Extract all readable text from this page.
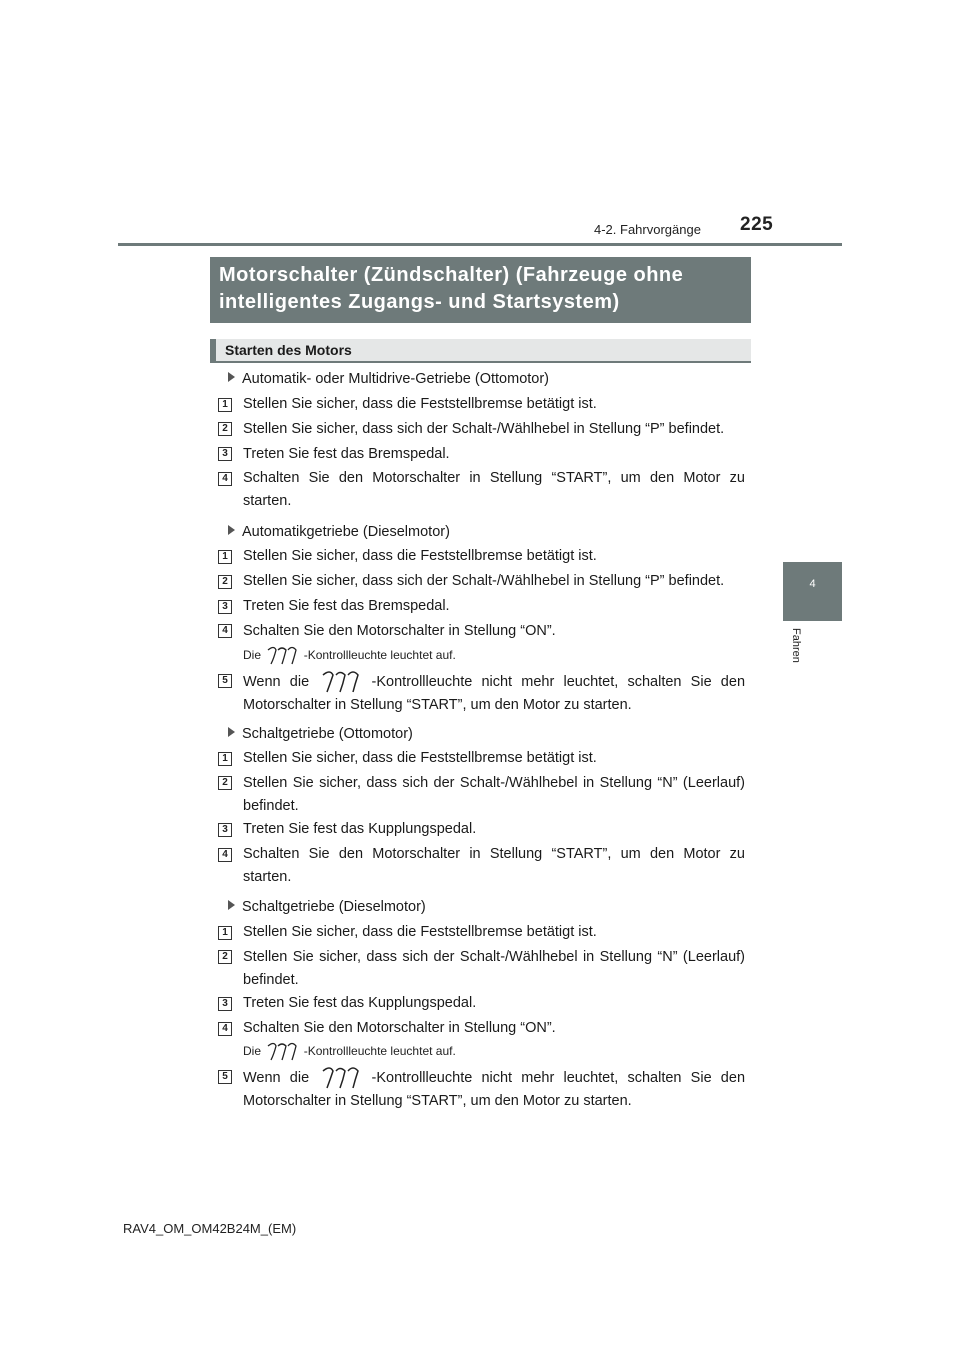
4-2. Fahrvorgänge 225
4
Fahren
Motorschalter (Zündschalter) (Fahrzeuge ohne intelligentes Zugangs- und Startsystem)
Starten des Motors
Automatik- oder Multidrive-Getriebe (Ottomotor)
1 Stellen Sie sicher, dass die Feststellbremse betätigt ist.
2 Stellen Sie sicher, dass sich der Schalt-/Wählhebel in Stellung “P” befindet.
3 Treten Sie fest das Bremspedal.
4 Schalten Sie den Motorschalter in Stellung “START”, um den Motor zu starten.
Automatikgetriebe (Dieselmotor)
1 Stellen Sie sicher, dass die Feststellbremse betätigt ist.
2 Stellen Sie sicher, dass sich der Schalt-/Wählhebel in Stellung “P” befindet.
3 Treten Sie fest das Bremspedal.
4 Schalten Sie den Motorschalter in Stellung “ON”.
Die	-Kontrollleuchte leuchtet auf.
5 Wenn die	-Kontrollleuchte nicht mehr leuchtet, schalten Sie den Motorschalter in Stellung “START”, um den Motor zu starten.
Schaltgetriebe (Ottomotor)
1 Stellen Sie sicher, dass die Feststellbremse betätigt ist.
2 Stellen Sie sicher, dass sich der Schalt-/Wählhebel in Stellung “N” (Leerlauf) befindet.
3 Treten Sie fest das Kupplungspedal.
4 Schalten Sie den Motorschalter in Stellung “START”, um den Motor zu starten.
Schaltgetriebe (Dieselmotor)
1 Stellen Sie sicher, dass die Feststellbremse betätigt ist.
2 Stellen Sie sicher, dass sich der Schalt-/Wählhebel in Stellung “N” (Leerlauf) befindet.
3 Treten Sie fest das Kupplungspedal.
4 Schalten Sie den Motorschalter in Stellung “ON”.
Die	-Kontrollleuchte leuchtet auf.
5 Wenn die	-Kontrollleuchte nicht mehr leuchtet, schalten Sie den Motorschalter in Stellung “START”, um den Motor zu starten.
RAV4_OM_OM42B24M_(EM)
